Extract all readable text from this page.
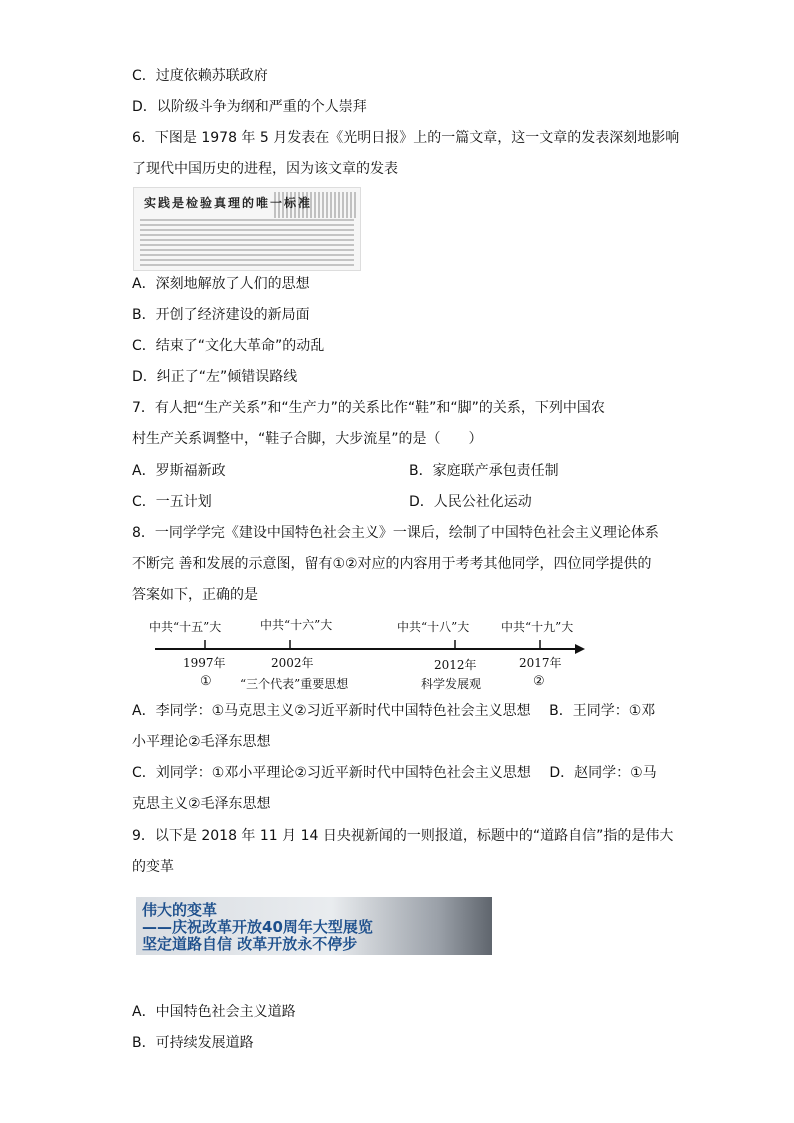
C．过度依赖苏联政府
D．以阶级斗争为纲和严重的个人崇拜
6．下图是 1978 年 5 月发表在《光明日报》上的一篇文章，这一文章的发表深刻地影响
了现代中国历史的进程，因为该文章的发表
实践是检验真理的唯一标准
A．深刻地解放了人们的思想
B．开创了经济建设的新局面
C．结束了“文化大革命”的动乱
D．纠正了“左”倾错误路线
7．有人把“生产关系”和“生产力”的关系比作“鞋”和“脚”的关系，下列中国农
村生产关系调整中，“鞋子合脚，大步流星”的是（　　）
A．罗斯福新政	B．家庭联产承包责任制
C．一五计划	D．人民公社化运动
8．一同学学完《建设中国特色社会主义》一课后，绘制了中国特色社会主义理论体系
不断完 善和发展的示意图，留有①②对应的内容用于考考其他同学，四位同学提供的
答案如下，正确的是
中共“十五”大	中共“十六”大	中共“十八”大	中共“十九”大
1997年	2002年	2012年	2017年
① “三个代表”重要思想	科学发展观	②
A．李同学：①马克思主义②习近平新时代中国特色社会主义思想　 B．王同学：①邓
小平理论②毛泽东思想
C．刘同学：①邓小平理论②习近平新时代中国特色社会主义思想　 D．赵同学：①马
克思主义②毛泽东思想
9．以下是 2018 年 11 月 14 日央视新闻的一则报道，标题中的“道路自信”指的是伟大
的变革
伟大的变革
——庆祝改革开放40周年大型展览
坚定道路自信 改革开放永不停步
A．中国特色社会主义道路
B．可持续发展道路
